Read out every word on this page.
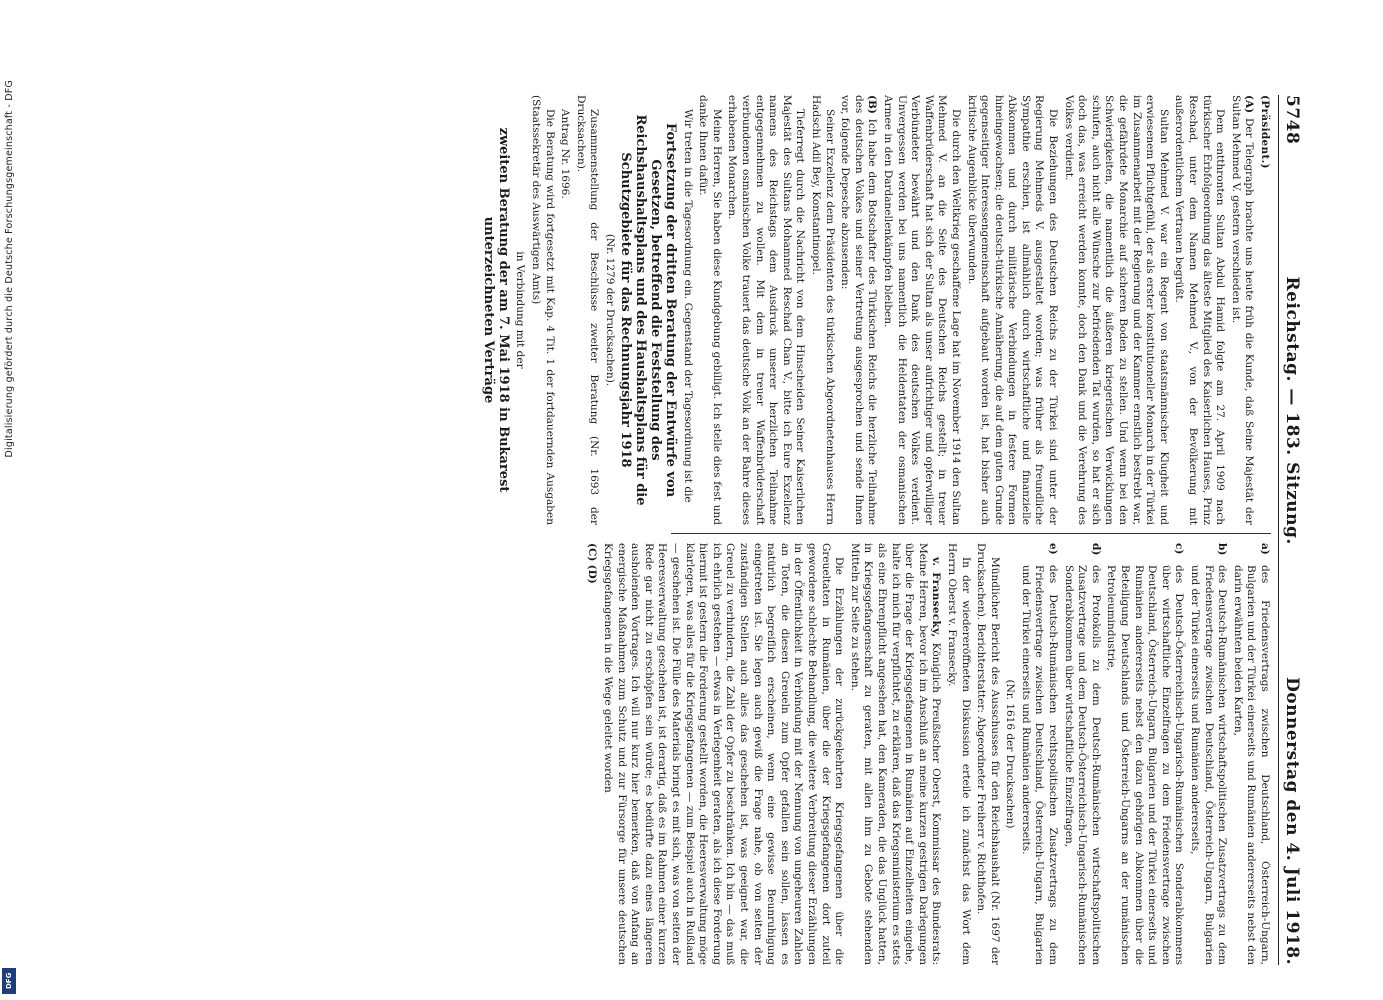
Digitalisierung gefördert durch die Deutsche Forschungsgemeinschaft - DFG
DFG
5748
Reichstag. — 183. Sitzung.
Donnerstag den 4. Juli 1918.

(Präsident.)

(A) Der Telegraph brachte uns heute früh die Kunde, daß Seine Majestät der Sultan Mehmed V. gestern verschieden ist.

Dem entthronten Sultan Abdul Hamid folgte am 27. April 1909 nach türkischer Erbfolgeordnung das älteste Mitglied des Kaiserlichen Hauses, Prinz Reschad, unter dem Namen Mehmed V., von der Bevölkerung mit außerordentlichem Vertrauen begrüßt.

Sultan Mehmed V. war ein Regent von staatsmännischer Klugheit und erwiesenem Pflichtgefühl, der als erster konstitutioneller Monarch in der Türkei im Zusammenarbeit mit der Regierung und der Kammer ernstlich bestrebt war, die gefährdete Monarchie auf sicheren Boden zu stellen. Und wenn bei den Schwierigkeiten, die namentlich die äußeren kriegerischen Verwicklungen schufen, auch nicht alle Wünsche zur befriedenden Tat wurden, so hat er sich doch das, was erreicht werden konnte, doch den Dank und die Verehrung des Volkes verdient.

Die Beziehungen des Deutschen Reichs zu der Türkei sind unter der Regierung Mehmeds V. ausgestaltet worden; was früher als freundliche Sympathie erschien, ist allmählich durch wirtschaftliche und finanzielle Abkommen und durch militärische Verbindungen in festere Formen hineingewachsen; die deutsch-türkische Annäherung, die auf dem guten Grunde gegenseitiger Interessengemeinschaft aufgebaut worden ist, hat bisher auch kritische Augenblicke überwunden.

Die durch den Weltkrieg geschaffene Lage hat im November 1914 den Sultan Mehmed V. an die Seite des Deutschen Reichs gestellt; in treuer Waffenbrüderschaft hat sich der Sultan als unser aufrichtiger und opferwilliger Verbündeter bewährt und den Dank des deutschen Volkes verdient. Unvergessen werden bei uns namentlich die Heldentaten der osmanischen Armee in den Dardanellenkämpfen bleiben.

(B) Ich habe dem Botschafter des Türkischen Reichs die herzliche Teilnahme des deutschen Volkes und seiner Vertretung ausgesprochen und sende Ihnen vor, folgende Depesche abzusenden:

Seiner Exzellenz dem Präsidenten des türkischen Abgeordnetenhauses Herrn Hadschi Adil Bey, Konstantinopel.

Tieferregt durch die Nachricht von dem Hinscheiden Seiner Kaiserlichen Majestät des Sultans Mohammed Reschad Chan V., bitte ich Eure Exzellenz namens des Reichstags dem Ausdruck unserer herzlichen Teilnahme entgegennehmen zu wollen. Mit dem in treuer Waffenbrüderschaft verbundenen osmanischen Volke trauert das deutsche Volk an der Bahre dieses erhabenen Monarchen.

Meine Herren, Sie haben diese Kundgebung gebilligt. Ich stelle dies fest und danke Ihnen dafür.

Wir treten in die Tagesordnung ein. Gegenstand der Tagesordnung ist die

Fortsetzung der dritten Beratung der Entwürfe von Gesetzen, betreffend die Feststellung des Reichshaushaltsplans und des Haushaltsplans für die Schutzgebiete für das Rechnungsjahr 1918

(Nr. 1279 der Drucksachen).

Zusammenstellung der Beschlüsse zweiter Beratung (Nr. 1693 der Drucksachen).

Antrag Nr. 1696.

Die Beratung wird fortgesetzt mit Kap. 4 Tit. 1 der fortdauernden Ausgaben (Staatssekretär des Auswärtigen Amts)

in Verbindung mit der

zweiten Beratung der am 7. Mai 1918 in Bukarest unterzeichneten Verträge

a)
des Friedensvertrags zwischen Deutschland, Österreich-Ungarn, Bulgarien und der Türkei einerseits und Rumänien andererseits nebst den darin erwähnten beiden Karten,
b)
des Deutsch-Rumänischen wirtschaftspolitischen Zusatzvertrags zu dem Friedensvertrage zwischen Deutschland, Österreich-Ungarn, Bulgarien und der Türkei einerseits und Rumänien andererseits,
c)
des Deutsch-Österreichisch-Ungarisch-Rumänischen Sonderabkommens über wirtschaftliche Einzelfragen zu dem Friedensvertrage zwischen Deutschland, Österreich-Ungarn, Bulgarien und der Türkei einerseits und Rumänien andererseits nebst den dazu gehörigen Abkommen über die Beteiligung Deutschlands und Österreich-Ungarns an der rumänischen Petroleumindustrie,
d)
des Protokolls zu dem Deutsch-Rumänischen wirtschaftspolitischen Zusatzvertrage und dem Deutsch-Österreichisch-Ungarisch-Rumänischen Sonderabkommen über wirtschaftliche Einzelfragen,
e)
des Deutsch-Rumänischen rechtspolitischen Zusatzvertrags zu dem Friedensvertrage zwischen Deutschland, Österreich-Ungarn, Bulgarien und der Türkei einerseits und Rumänien andererseits.

(Nr. 1616 der Drucksachen)

Mündlicher Bericht des Ausschusses für den Reichshaushalt (Nr. 1697 der Drucksachen). Berichterstatter: Abgeordneter Freiherr v. Richthofen.

In der wiedereröffneten Diskussion erteile ich zunächst das Wort dem Herrn Oberst v. Fransecky.

v. Fransecky, Königlich Preußischer Oberst, Kommissar des Bundesrats: Meine Herren, bevor ich im Anschluß an meine kurzen gestrigen Darlegungen über die Frage der Kriegsgefangenen in Rumänien auf Einzelheiten eingehe, halte ich mich für verpflichtet, zu erklären, daß das Kriegsministerium es stets als eine Ehrenpflicht angesehen hat, den Kameraden, die das Unglück hatten, in Kriegsgefangenschaft zu geraten, mit allen ihm zu Gebote stehenden Mitteln zur Seite zu stehen.

Die Erzählungen der zurückgekehrten Kriegsgefangenen über die Greueltaten in Rumänien, über die der Kriegsgefangenen dort zuteil gewordene schlechte Behandlung, die weitere Verbreitung dieser Erzählungen in der Öffentlichkeit in Verbindung mit der Nennung von ungeheuren Zahlen an Toten, die diesen Greueln zum Opfer gefallen sein sollen, lassen es natürlich begreiflich erscheinen, wenn eine gewisse Beunruhigung eingetreten ist. Sie legen auch gewiß die Frage nahe, ob von seiten der zuständigen Stellen auch alles das geschehen ist, was geeignet war, die Greuel zu verhindern, die Zahl der Opfer zu beschränken. Ich bin — das muß ich ehrlich gestehen — etwas in Verlegenheit geraten, als ich diese Forderung hiermit ist gestern die Forderung gestellt worden, die Heeresverwaltung möge klarlegen, was alles für die Kriegsgefangenen — zum Beispiel auch in Rußland — geschehen ist. Die Fülle des Materials bringt es mit sich, was von seiten der Heeresverwaltung geschehen ist, ist derartig, daß es im Rahmen einer kurzen Rede gar nicht zu erschöpfen sein würde; es bedürfte dazu eines längeren ausholenden Vortrages. Ich will nur kurz hier bemerken, daß von Anfang an energische Maßnahmen zum Schutz und zur Fürsorge für unsere deutschen Kriegsgefangenen in die Wege geleitet worden

(C) (D)
